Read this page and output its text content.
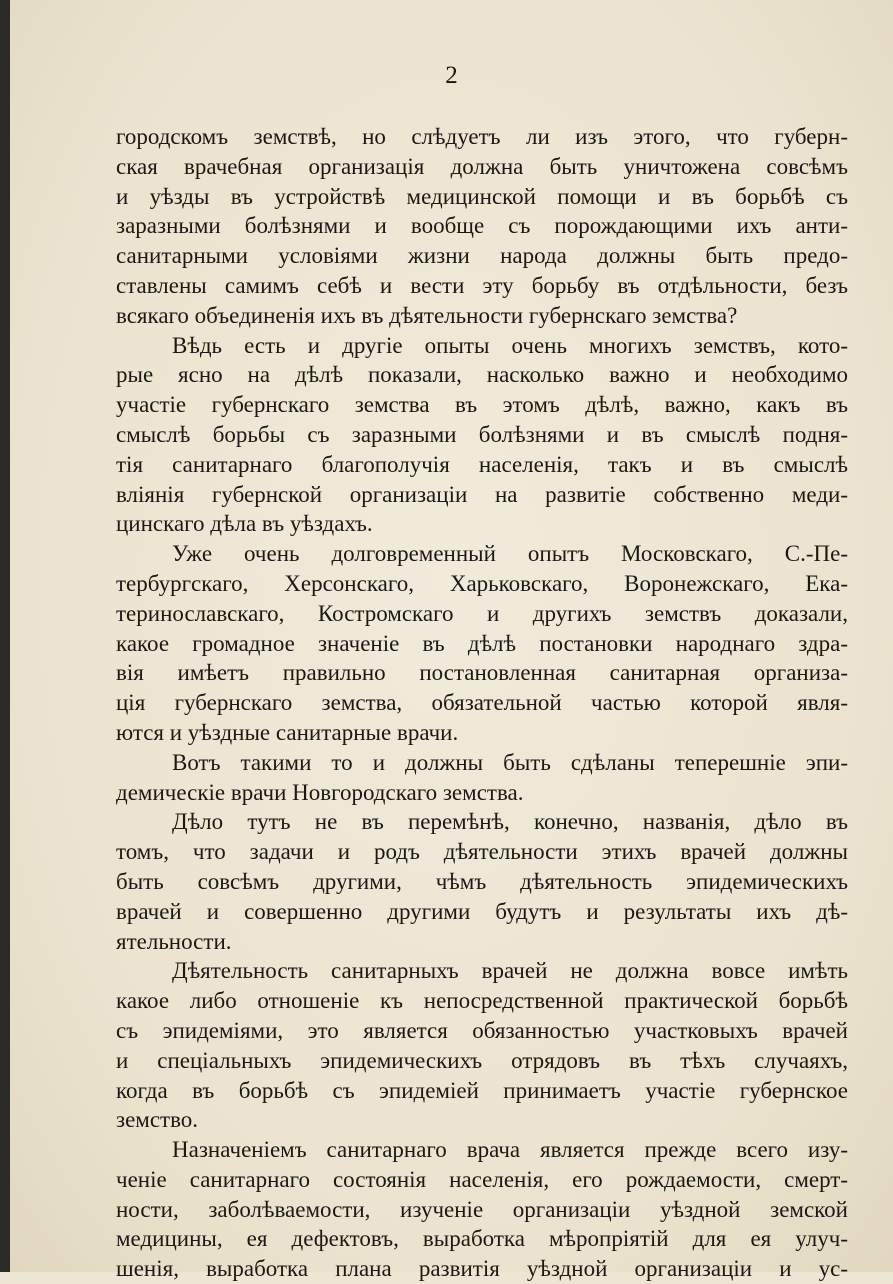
2
городскомъ земствѣ, но слѣдуетъ ли изъ этого, что губерн-
ская врачебная организація должна быть уничтожена совсѣмъ
и уѣзды въ устройствѣ медицинской помощи и въ борьбѣ съ
заразными болѣзнями и вообще съ порождающими ихъ анти-
санитарными условіями жизни народа должны быть предо-
ставлены самимъ себѣ и вести эту борьбу въ отдѣльности, безъ
всякаго объединенія ихъ въ дѣятельности губернскаго земства?
Вѣдь есть и другіе опыты очень многихъ земствъ, кото-
рые ясно на дѣлѣ показали, насколько важно и необходимо
участіе губернскаго земства въ этомъ дѣлѣ, важно, какъ въ
смыслѣ борьбы съ заразными болѣзнями и въ смыслѣ подня-
тія санитарнаго благополучія населенія, такъ и въ смыслѣ
вліянія губернской организаціи на развитіе собственно меди-
цинскаго дѣла въ уѣздахъ.
Уже очень долговременный опытъ Московскаго, С.-Пе-
тербургскаго, Херсонскаго, Харьковскаго, Воронежскаго, Ека-
теринославскаго, Костромскаго и другихъ земствъ доказали,
какое громадное значеніе въ дѣлѣ постановки народнаго здра-
вія имѣетъ правильно постановленная санитарная организа-
ція губернскаго земства, обязательной частью которой явля-
ются и уѣздные санитарные врачи.
Вотъ такими то и должны быть сдѣланы теперешніе эпи-
демическіе врачи Новгородскаго земства.
Дѣло тутъ не въ перемѣнѣ, конечно, названія, дѣло въ
томъ, что задачи и родъ дѣятельности этихъ врачей должны
быть совсѣмъ другими, чѣмъ дѣятельность эпидемическихъ
врачей и совершенно другими будутъ и результаты ихъ дѣ-
ятельности.
Дѣятельность санитарныхъ врачей не должна вовсе имѣть
какое либо отношеніе къ непосредственной практической борьбѣ
съ эпидеміями, это является обязанностью участковыхъ врачей
и спеціальныхъ эпидемическихъ отрядовъ въ тѣхъ случаяхъ,
когда въ борьбѣ съ эпидеміей принимаетъ участіе губернское
земство.
Назначеніемъ санитарнаго врача является прежде всего изу-
ченіе санитарнаго состоянія населенія, его рождаемости, смерт-
ности, заболѣваемости, изученіе организаціи уѣздной земской
медицины, ея дефектовъ, выработка мѣропріятій для ея улуч-
шенія, выработка плана развитія уѣздной организаціи и ус-
